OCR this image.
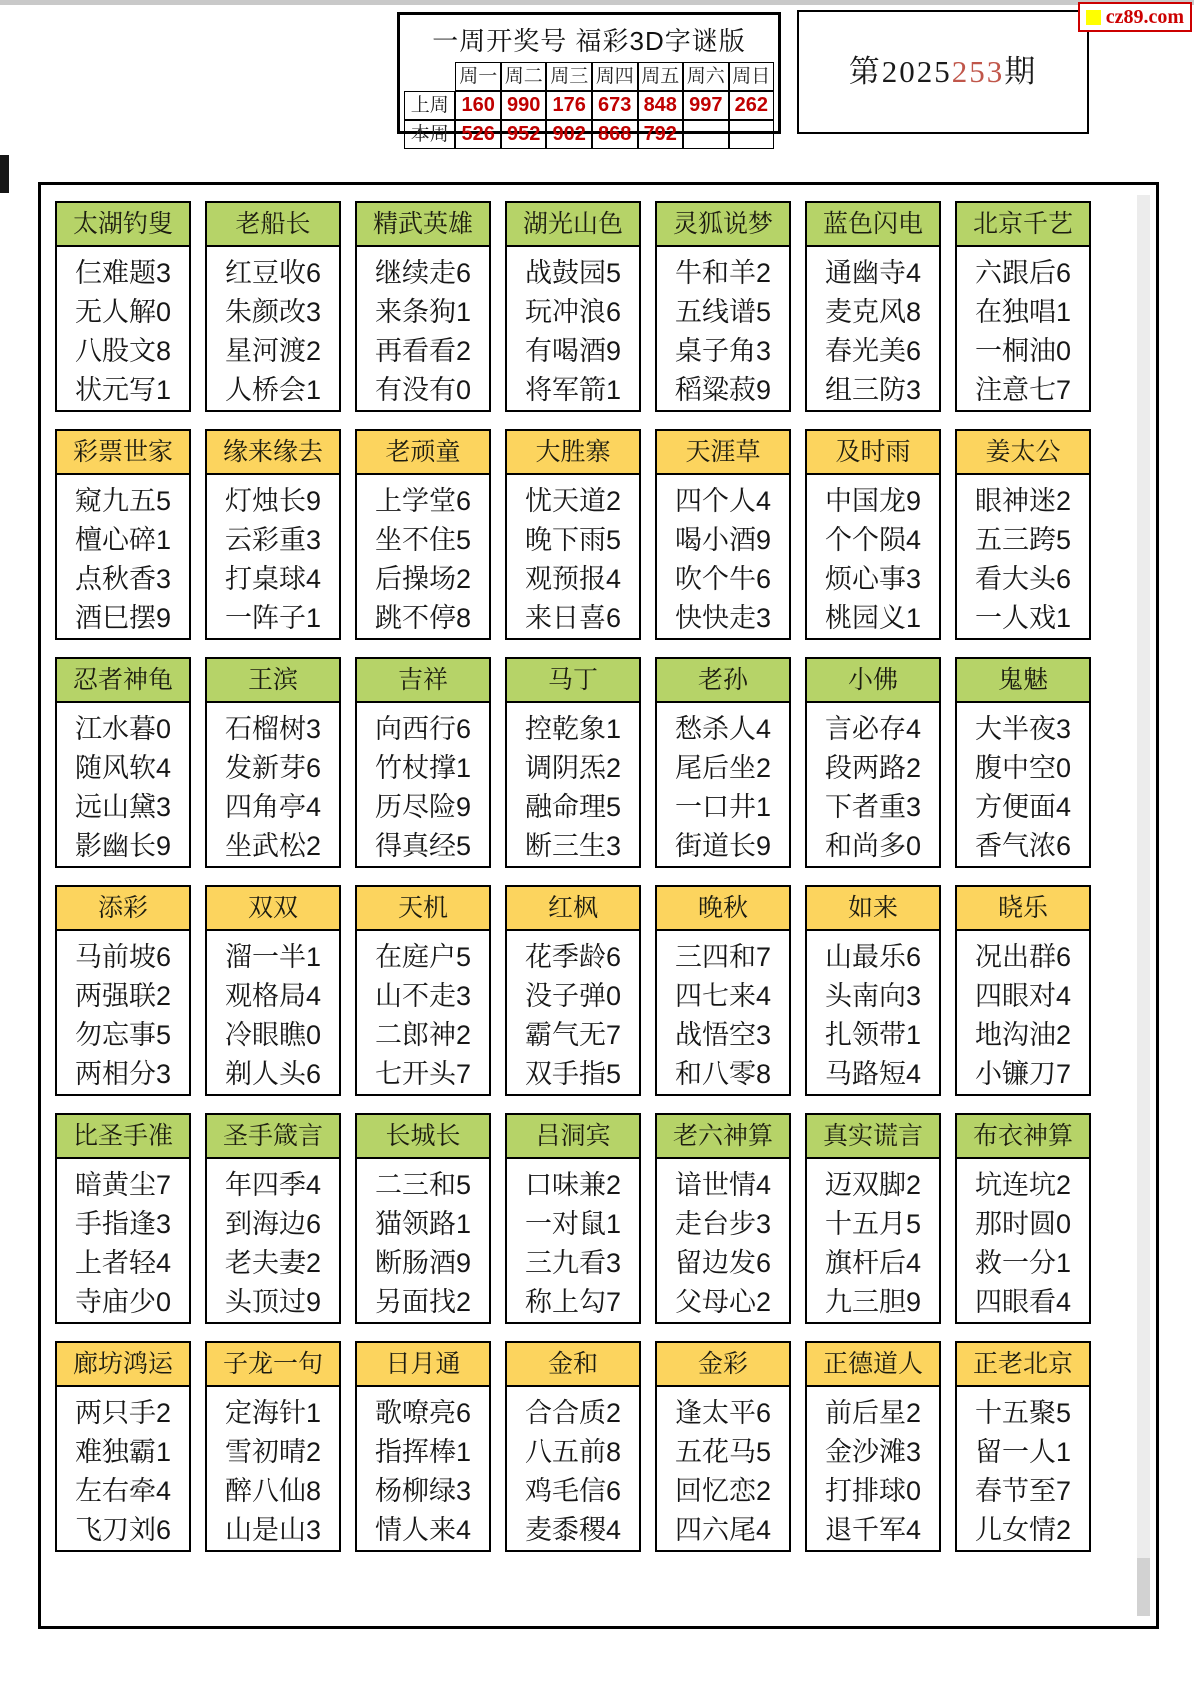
一周开奖号 福彩3D字谜版
周一 周二 周三 周四 周五 周六 周日
上周 160 990 176 673 848 997 262
本周 526 952 902 868 792
第2025253期
cz89.com
太湖钓叟
仨难题3
无人解0
八股文8
状元写1
老船长
红豆收6
朱颜改3
星河渡2
人桥会1
精武英雄
继续走6
来条狗1
再看看2
有没有0
湖光山色
战鼓园5
玩冲浪6
有喝酒9
将军箭1
灵狐说梦
牛和羊2
五线谱5
桌子角3
稻粱菽9
蓝色闪电
通幽寺4
麦克风8
春光美6
组三防3
北京千艺
六跟后6
在独唱1
一桐油0
注意七7
彩票世家
窥九五5
檀心碎1
点秋香3
酒巳摆9
缘来缘去
灯烛长9
云彩重3
打桌球4
一阵子1
老顽童
上学堂6
坐不住5
后操场2
跳不停8
大胜寨
忧天道2
晚下雨5
观预报4
来日喜6
天涯草
四个人4
喝小酒9
吹个牛6
快快走3
及时雨
中国龙9
个个陨4
烦心事3
桃园义1
姜太公
眼神迷2
五三跨5
看大头6
一人戏1
忍者神龟
江水暮0
随风软4
远山黛3
影幽长9
王滨
石榴树3
发新芽6
四角亭4
坐武松2
吉祥
向西行6
竹杖撑1
历尽险9
得真经5
马丁
控乾象1
调阴炁2
融命理5
断三生3
老孙
愁杀人4
尾后坐2
一口井1
街道长9
小佛
言必存4
段两路2
下者重3
和尚多0
鬼魅
大半夜3
腹中空0
方便面4
香气浓6
添彩
马前坡6
两强联2
勿忘事5
两相分3
双双
溜一半1
观格局4
冷眼瞧0
剃人头6
天机
在庭户5
山不走3
二郎神2
七开头7
红枫
花季龄6
没子弹0
霸气无7
双手指5
晚秋
三四和7
四七来4
战悟空3
和八零8
如来
山最乐6
头南向3
扎领带1
马路短4
晓乐
况出群6
四眼对4
地沟油2
小镰刀7
比圣手准
暗黄尘7
手指逢3
上者轻4
寺庙少0
圣手箴言
年四季4
到海边6
老夫妻2
头顶过9
长城长
二三和5
猫领路1
断肠酒9
另面找2
吕洞宾
口味兼2
一对鼠1
三九看3
称上勾7
老六神算
谙世情4
走台步3
留边发6
父母心2
真实谎言
迈双脚2
十五月5
旗杆后4
九三胆9
布衣神算
坑连坑2
那时圆0
救一分1
四眼看4
廊坊鸿运
两只手2
难独霸1
左右牵4
飞刀刘6
子龙一句
定海针1
雪初晴2
醉八仙8
山是山3
日月通
歌嘹亮6
指挥棒1
杨柳绿3
情人来4
金和
合合质2
八五前8
鸡毛信6
麦黍稷4
金彩
逢太平6
五花马5
回忆恋2
四六尾4
正德道人
前后星2
金沙滩3
打排球0
退千军4
正老北京
十五聚5
留一人1
春节至7
儿女情2
